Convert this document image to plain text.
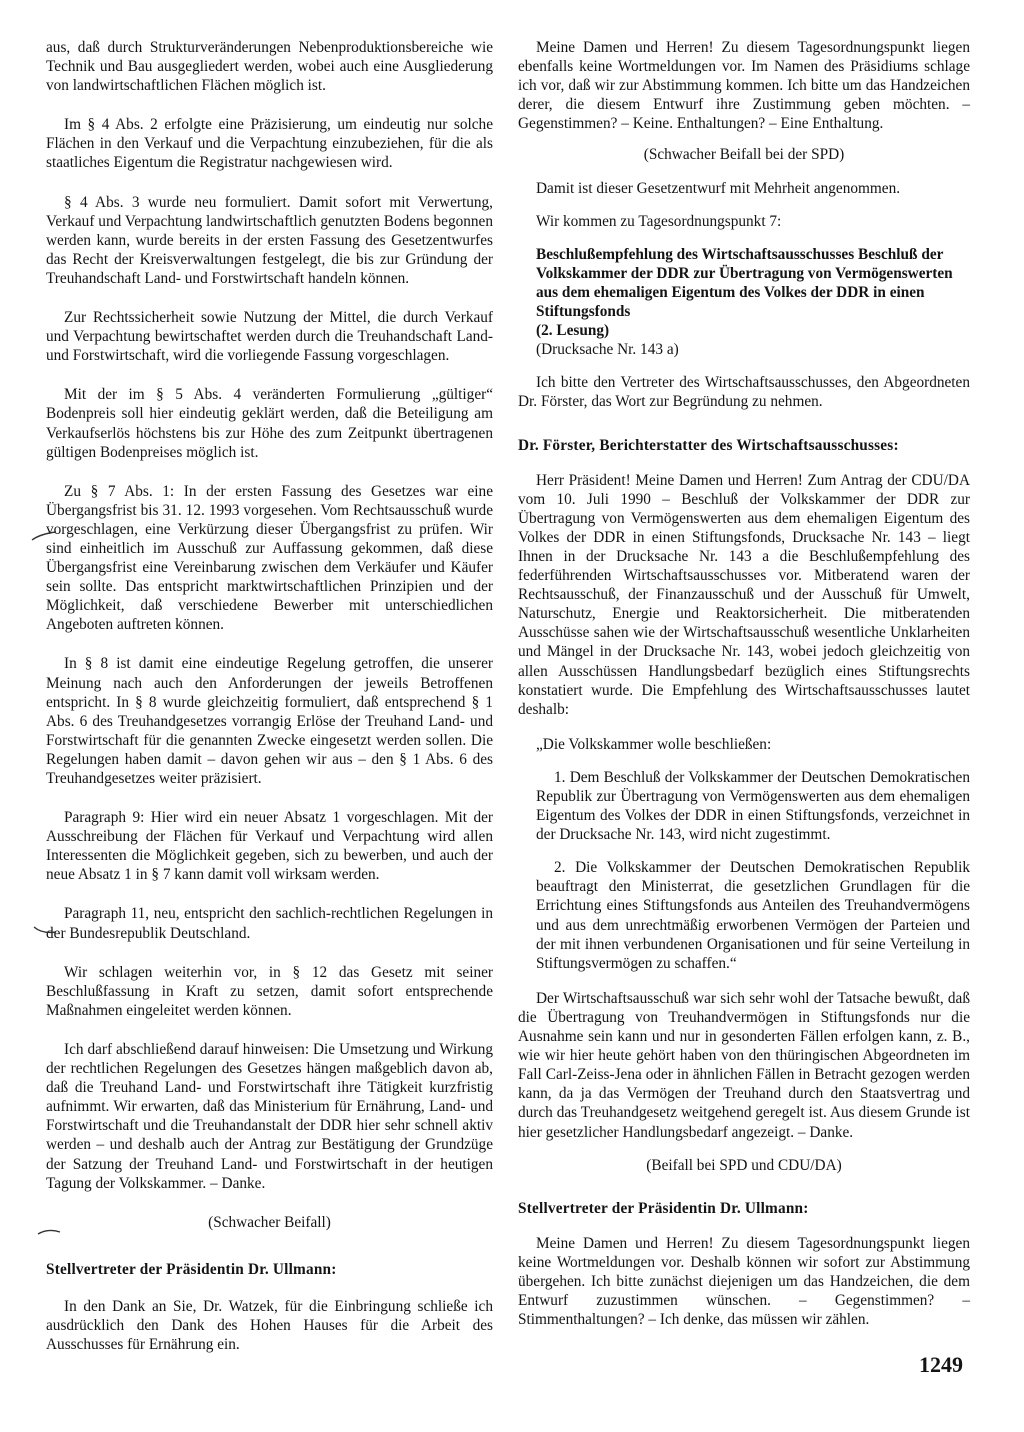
aus, daß durch Strukturveränderungen Nebenproduktionsbereiche wie Technik und Bau ausgegliedert werden, wobei auch eine Ausgliederung von landwirtschaftlichen Flächen möglich ist.

Im § 4 Abs. 2 erfolgte eine Präzisierung, um eindeutig nur solche Flächen in den Verkauf und die Verpachtung einzubeziehen, für die als staatliches Eigentum die Registratur nachgewiesen wird.

§ 4 Abs. 3 wurde neu formuliert. Damit sofort mit Verwertung, Verkauf und Verpachtung landwirtschaftlich genutzten Bodens begonnen werden kann, wurde bereits in der ersten Fassung des Gesetzentwurfes das Recht der Kreisverwaltungen festgelegt, die bis zur Gründung der Treuhandschaft Land- und Forstwirtschaft handeln können.

Zur Rechtssicherheit sowie Nutzung der Mittel, die durch Verkauf und Verpachtung bewirtschaftet werden durch die Treuhandschaft Land- und Forstwirtschaft, wird die vorliegende Fassung vorgeschlagen.

Mit der im § 5 Abs. 4 veränderten Formulierung „gültiger“ Bodenpreis soll hier eindeutig geklärt werden, daß die Beteiligung am Verkaufserlös höchstens bis zur Höhe des zum Zeitpunkt übertragenen gültigen Bodenpreises möglich ist.

Zu § 7 Abs. 1: In der ersten Fassung des Gesetzes war eine Übergangsfrist bis 31. 12. 1993 vorgesehen. Vom Rechtsausschuß wurde vorgeschlagen, eine Verkürzung dieser Übergangsfrist zu prüfen. Wir sind einheitlich im Ausschuß zur Auffassung gekommen, daß diese Übergangsfrist eine Vereinbarung zwischen dem Verkäufer und Käufer sein sollte. Das entspricht marktwirtschaftlichen Prinzipien und der Möglichkeit, daß verschiedene Bewerber mit unterschiedlichen Angeboten auftreten können.

In § 8 ist damit eine eindeutige Regelung getroffen, die unserer Meinung nach auch den Anforderungen der jeweils Betroffenen entspricht. In § 8 wurde gleichzeitig formuliert, daß entsprechend § 1 Abs. 6 des Treuhandgesetzes vorrangig Erlöse der Treuhand Land- und Forstwirtschaft für die genannten Zwecke eingesetzt werden sollen. Die Regelungen haben damit – davon gehen wir aus – den § 1 Abs. 6 des Treuhandgesetzes weiter präzisiert.

Paragraph 9: Hier wird ein neuer Absatz 1 vorgeschlagen. Mit der Ausschreibung der Flächen für Verkauf und Verpachtung wird allen Interessenten die Möglichkeit gegeben, sich zu bewerben, und auch der neue Absatz 1 in § 7 kann damit voll wirksam werden.

Paragraph 11, neu, entspricht den sachlich-rechtlichen Regelungen in der Bundesrepublik Deutschland.

Wir schlagen weiterhin vor, in § 12 das Gesetz mit seiner Beschlußfassung in Kraft zu setzen, damit sofort entsprechende Maßnahmen eingeleitet werden können.

Ich darf abschließend darauf hinweisen: Die Umsetzung und Wirkung der rechtlichen Regelungen des Gesetzes hängen maßgeblich davon ab, daß die Treuhand Land- und Forstwirtschaft ihre Tätigkeit kurzfristig aufnimmt. Wir erwarten, daß das Ministerium für Ernährung, Land- und Forstwirtschaft und die Treuhandanstalt der DDR hier sehr schnell aktiv werden – und deshalb auch der Antrag zur Bestätigung der Grundzüge der Satzung der Treuhand Land- und Forstwirtschaft in der heutigen Tagung der Volkskammer. – Danke.

(Schwacher Beifall)

Stellvertreter der Präsidentin Dr. Ullmann:

In den Dank an Sie, Dr. Watzek, für die Einbringung schließe ich ausdrücklich den Dank des Hohen Hauses für die Arbeit des Ausschusses für Ernährung ein.

Meine Damen und Herren! Zu diesem Tagesordnungspunkt liegen ebenfalls keine Wortmeldungen vor. Im Namen des Präsidiums schlage ich vor, daß wir zur Abstimmung kommen. Ich bitte um das Handzeichen derer, die diesem Entwurf ihre Zustimmung geben möchten. – Gegenstimmen? – Keine. Enthaltungen? – Eine Enthaltung.

(Schwacher Beifall bei der SPD)

Damit ist dieser Gesetzentwurf mit Mehrheit angenommen.

Wir kommen zu Tagesordnungspunkt 7:

Beschlußempfehlung des Wirtschaftsausschusses Beschluß der Volkskammer der DDR zur Übertragung von Vermögenswerten aus dem ehemaligen Eigentum des Volkes der DDR in einen Stiftungsfonds
(2. Lesung)
(Drucksache Nr. 143 a)

Ich bitte den Vertreter des Wirtschaftsausschusses, den Abgeordneten Dr. Förster, das Wort zur Begründung zu nehmen.

Dr. Förster, Berichterstatter des Wirtschaftsausschusses:

Herr Präsident! Meine Damen und Herren! Zum Antrag der CDU/DA vom 10. Juli 1990 – Beschluß der Volkskammer der DDR zur Übertragung von Vermögenswerten aus dem ehemaligen Eigentum des Volkes der DDR in einen Stiftungsfonds, Drucksache Nr. 143 – liegt Ihnen in der Drucksache Nr. 143 a die Beschlußempfehlung des federführenden Wirtschaftsausschusses vor. Mitberatend waren der Rechtsausschuß, der Finanzausschuß und der Ausschuß für Umwelt, Naturschutz, Energie und Reaktorsicherheit. Die mitberatenden Ausschüsse sahen wie der Wirtschaftsausschuß wesentliche Unklarheiten und Mängel in der Drucksache Nr. 143, wobei jedoch gleichzeitig von allen Ausschüssen Handlungsbedarf bezüglich eines Stiftungsrechts konstatiert wurde. Die Empfehlung des Wirtschaftsausschusses lautet deshalb:

„Die Volkskammer wolle beschließen:

1. Dem Beschluß der Volkskammer der Deutschen Demokratischen Republik zur Übertragung von Vermögenswerten aus dem ehemaligen Eigentum des Volkes der DDR in einen Stiftungsfonds, verzeichnet in der Drucksache Nr. 143, wird nicht zugestimmt.

2. Die Volkskammer der Deutschen Demokratischen Republik beauftragt den Ministerrat, die gesetzlichen Grundlagen für die Errichtung eines Stiftungsfonds aus Anteilen des Treuhandvermögens und aus dem unrechtmäßig erworbenen Vermögen der Parteien und der mit ihnen verbundenen Organisationen und für seine Verteilung in Stiftungsvermögen zu schaffen.“

Der Wirtschaftsausschuß war sich sehr wohl der Tatsache bewußt, daß die Übertragung von Treuhandvermögen in Stiftungsfonds nur die Ausnahme sein kann und nur in gesonderten Fällen erfolgen kann, z. B., wie wir hier heute gehört haben von den thüringischen Abgeordneten im Fall Carl-Zeiss-Jena oder in ähnlichen Fällen in Betracht gezogen werden kann, da ja das Vermögen der Treuhand durch den Staatsvertrag und durch das Treuhandgesetz weitgehend geregelt ist. Aus diesem Grunde ist hier gesetzlicher Handlungsbedarf angezeigt. – Danke.

(Beifall bei SPD und CDU/DA)

Stellvertreter der Präsidentin Dr. Ullmann:

Meine Damen und Herren! Zu diesem Tagesordnungspunkt liegen keine Wortmeldungen vor. Deshalb können wir sofort zur Abstimmung übergehen. Ich bitte zunächst diejenigen um das Handzeichen, die dem Entwurf zuzustimmen wünschen. – Gegenstimmen? – Stimmenthaltungen? – Ich denke, das müssen wir zählen.

1249
